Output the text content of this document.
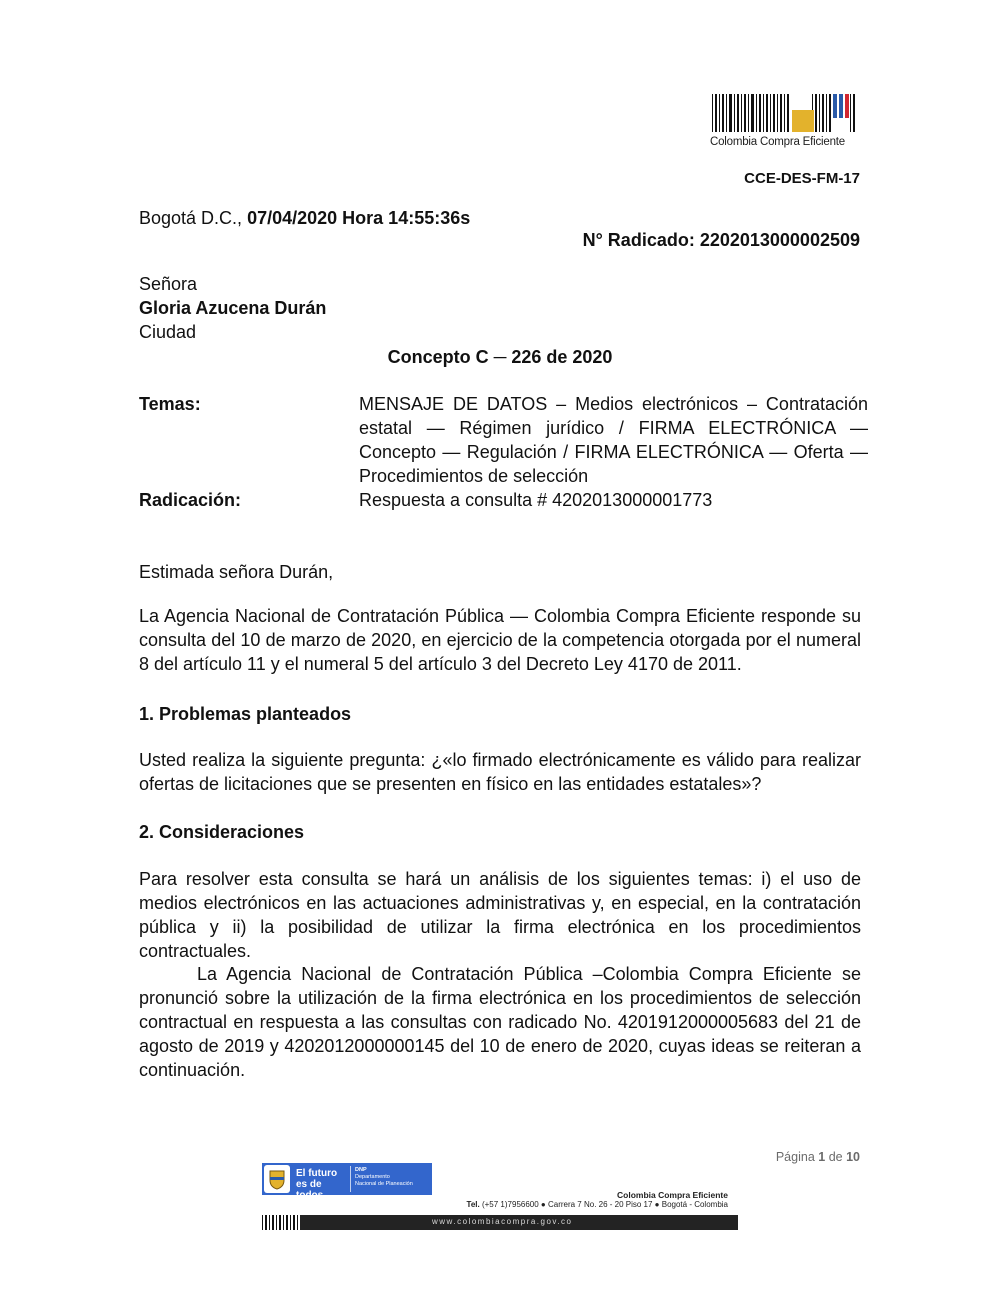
Colombia Compra Eficiente
CCE-DES-FM-17
Bogotá D.C., 07/04/2020 Hora 14:55:36s
N° Radicado: 2202013000002509
Señora
Gloria Azucena Durán
Ciudad
Concepto C ─ 226 de 2020
Temas:	MENSAJE DE DATOS – Medios electrónicos – Contratación
estatal — Régimen jurídico / FIRMA ELECTRÓNICA —
Concepto — Regulación / FIRMA ELECTRÓNICA — Oferta —
Procedimientos de selección
Radicación:	Respuesta a consulta # 4202013000001773
Estimada señora Durán,
La Agencia Nacional de Contratación Pública — Colombia Compra Eficiente responde su consulta del 10 de marzo de 2020, en ejercicio de la competencia otorgada por el numeral 8 del artículo 11 y el numeral 5 del artículo 3 del Decreto Ley 4170 de 2011.
1. Problemas planteados
Usted realiza la siguiente pregunta: ¿«lo firmado electrónicamente es válido para realizar ofertas de licitaciones que se presenten en físico en las entidades estatales»?
2. Consideraciones
Para resolver esta consulta se hará un análisis de los siguientes temas: i) el uso de medios electrónicos en las actuaciones administrativas y, en especial, en la contratación pública y ii) la posibilidad de utilizar la firma electrónica en los procedimientos contractuales.
La Agencia Nacional de Contratación Pública –Colombia Compra Eficiente se pronunció sobre la utilización de la firma electrónica en los procedimientos de selección contractual en respuesta a las consultas con radicado No. 4201912000005683 del 21 de agosto de 2019 y 4202012000000145 del 10 de enero de 2020, cuyas ideas se reiteran a continuación.
Página 1 de 10
El futuro
es de todos
DNP
Departamento
Nacional de Planeación
Colombia Compra Eficiente
Tel. (+57 1)7956600 ● Carrera 7 No. 26 - 20 Piso 17 ● Bogotá - Colombia
www.colombiacompra.gov.co
